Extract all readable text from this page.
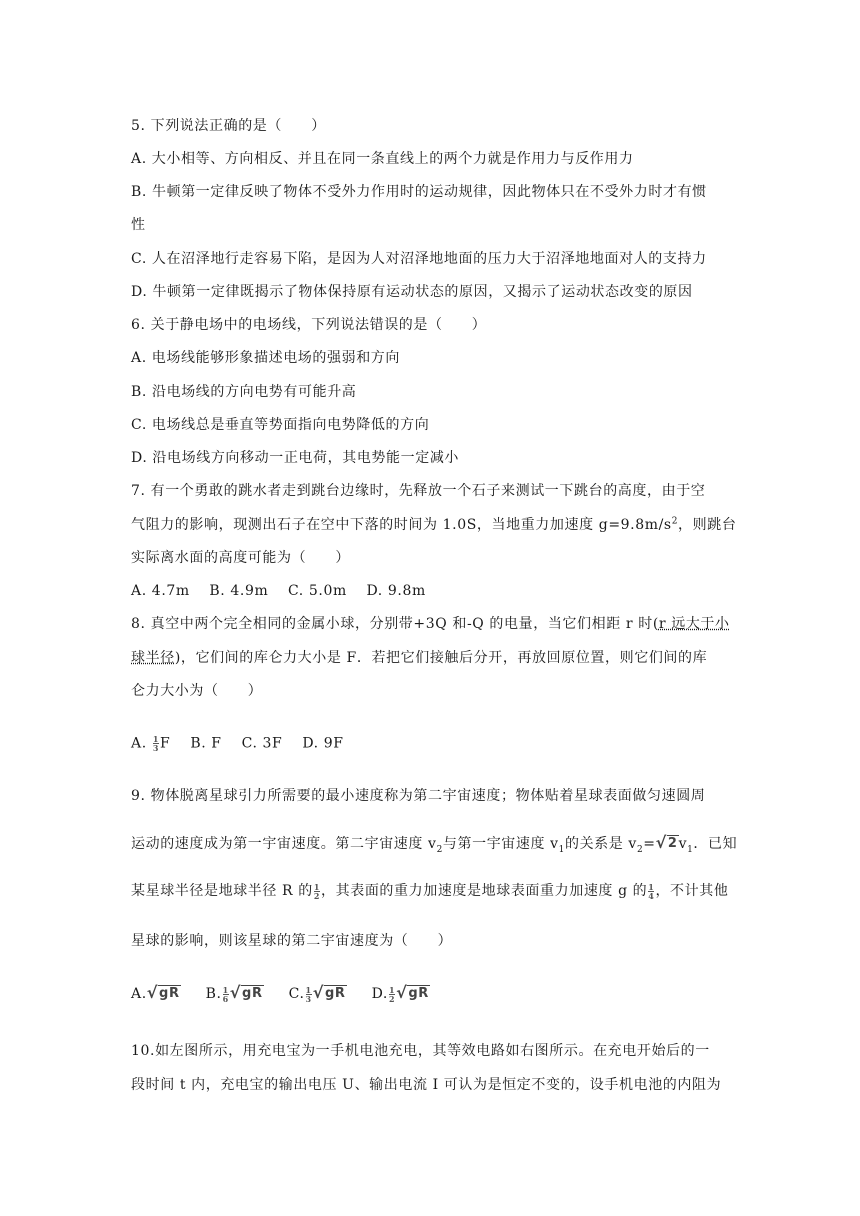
5. 下列说法正确的是（　　）
A. 大小相等、方向相反、并且在同一条直线上的两个力就是作用力与反作用力
B. 牛顿第一定律反映了物体不受外力作用时的运动规律，因此物体只在不受外力时才有惯
性
C. 人在沼泽地行走容易下陷，是因为人对沼泽地地面的压力大于沼泽地地面对人的支持力
D. 牛顿第一定律既揭示了物体保持原有运动状态的原因，又揭示了运动状态改变的原因
6. 关于静电场中的电场线，下列说法错误的是（　　）
A. 电场线能够形象描述电场的强弱和方向
B. 沿电场线的方向电势有可能升高
C. 电场线总是垂直等势面指向电势降低的方向
D. 沿电场线方向移动一正电荷，其电势能一定减小
7. 有一个勇敢的跳水者走到跳台边缘时，先释放一个石子来测试一下跳台的高度，由于空
气阻力的影响，现测出石子在空中下落的时间为 1.0S，当地重力加速度 $g=9.8m/s^2$，则跳台
实际离水面的高度可能为（　　）
A. 4.7m　 B. 4.9m　 C. 5.0m　 D. 9.8m
8. 真空中两个完全相同的金属小球，分别带+3Q 和-Q 的电量，当它们相距 r 时(r 远大于小
球半径)，它们间的库仑力大小是 F．若把它们接触后分开，再放回原位置，则它们间的库
仑力大小为（　　）
A. $\frac{1}{3}$ F B. F C. 3F D. 9F
9. 物体脱离星球引力所需要的最小速度称为第二宇宙速度；物体贴着星球表面做匀速圆周
运动的速度成为第一宇宙速度。第二宇宙速度 $v_2$与第一宇宙速度 $v_1$的关系是 $v_2=$ √ 2 $v_1$．已知
某星球半径是地球半径 R 的 $\frac{1}{2}$ ，其表面的重力加速度是地球表面重力加速度 g 的 $\frac{1}{4}$ ，不计其他
星球的影响，则该星球的第二宇宙速度为（　　）
A. √ gR B. $\frac{1}{6}$ √ gR C. $\frac{1}{3}$ √ gR D. $\frac{1}{2}$ √ gR
10.如左图所示，用充电宝为一手机电池充电，其等效电路如右图所示。在充电开始后的一
段时间 t 内，充电宝的输出电压 U、输出电流 I 可认为是恒定不变的，设手机电池的内阻为
